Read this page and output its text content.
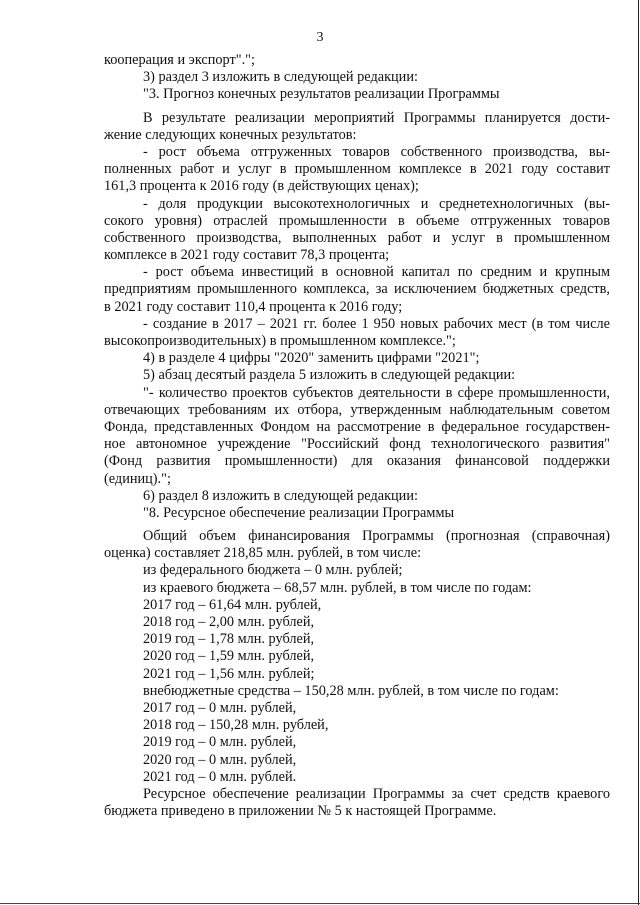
3
кооперация и экспорт".";
3) раздел 3 изложить в следующей редакции:
"3. Прогноз конечных результатов реализации Программы
В результате реализации мероприятий Программы планируется дости-
жение следующих конечных результатов:
- рост объема отгруженных товаров собственного производства, вы-
полненных работ и услуг в промышленном комплексе в 2021 году составит
161,3 процента к 2016 году (в действующих ценах);
- доля продукции высокотехнологичных и среднетехнологичных (вы-
сокого уровня) отраслей промышленности в объеме отгруженных товаров
собственного производства, выполненных работ и услуг в промышленном
комплексе в 2021 году составит 78,3 процента;
- рост объема инвестиций в основной капитал по средним и крупным
предприятиям промышленного комплекса, за исключением бюджетных средств,
в 2021 году составит 110,4 процента к 2016 году;
- создание в 2017 – 2021 гг. более 1 950 новых рабочих мест (в том числе
высокопроизводительных) в промышленном комплексе.";
4) в разделе 4 цифры "2020" заменить цифрами "2021";
5) абзац десятый раздела 5 изложить в следующей редакции:
"- количество проектов субъектов деятельности в сфере промышленности,
отвечающих требованиям их отбора, утвержденным наблюдательным советом
Фонда, представленных Фондом на рассмотрение в федеральное государствен-
ное автономное учреждение "Российский фонд технологического развития"
(Фонд развития промышленности) для оказания финансовой поддержки
(единиц).";
6) раздел 8 изложить в следующей редакции:
"8. Ресурсное обеспечение реализации Программы
Общий объем финансирования Программы (прогнозная (справочная)
оценка) составляет 218,85 млн. рублей, в том числе:
из федерального бюджета – 0 млн. рублей;
из краевого бюджета – 68,57 млн. рублей, в том числе по годам:
2017 год – 61,64 млн. рублей,
2018 год – 2,00 млн. рублей,
2019 год – 1,78 млн. рублей,
2020 год – 1,59 млн. рублей,
2021 год – 1,56 млн. рублей;
внебюджетные средства – 150,28 млн. рублей, в том числе по годам:
2017 год – 0 млн. рублей,
2018 год – 150,28 млн. рублей,
2019 год – 0 млн. рублей,
2020 год – 0 млн. рублей,
2021 год – 0 млн. рублей.
Ресурсное обеспечение реализации Программы за счет средств краевого
бюджета приведено в приложении № 5 к настоящей Программе.
